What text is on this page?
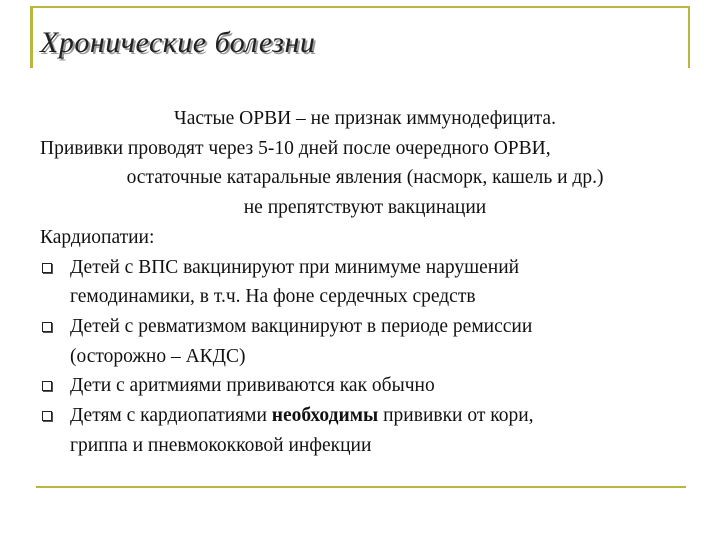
Хронические болезни
Частые ОРВИ – не признак иммунодефицита.
Прививки проводят через 5-10 дней после очередного ОРВИ,
остаточные катаральные явления (насморк, кашель и др.)
не препятствуют вакцинации
Кардиопатии:
Детей с ВПС вакцинируют при минимуме нарушений
гемодинамики, в т.ч. На фоне сердечных средств
Детей с ревматизмом вакцинируют в периоде ремиссии
(осторожно – АКДС)
Дети с аритмиями прививаются как обычно
Детям с кардиопатиями необходимы прививки от кори,
гриппа и пневмококковой инфекции
